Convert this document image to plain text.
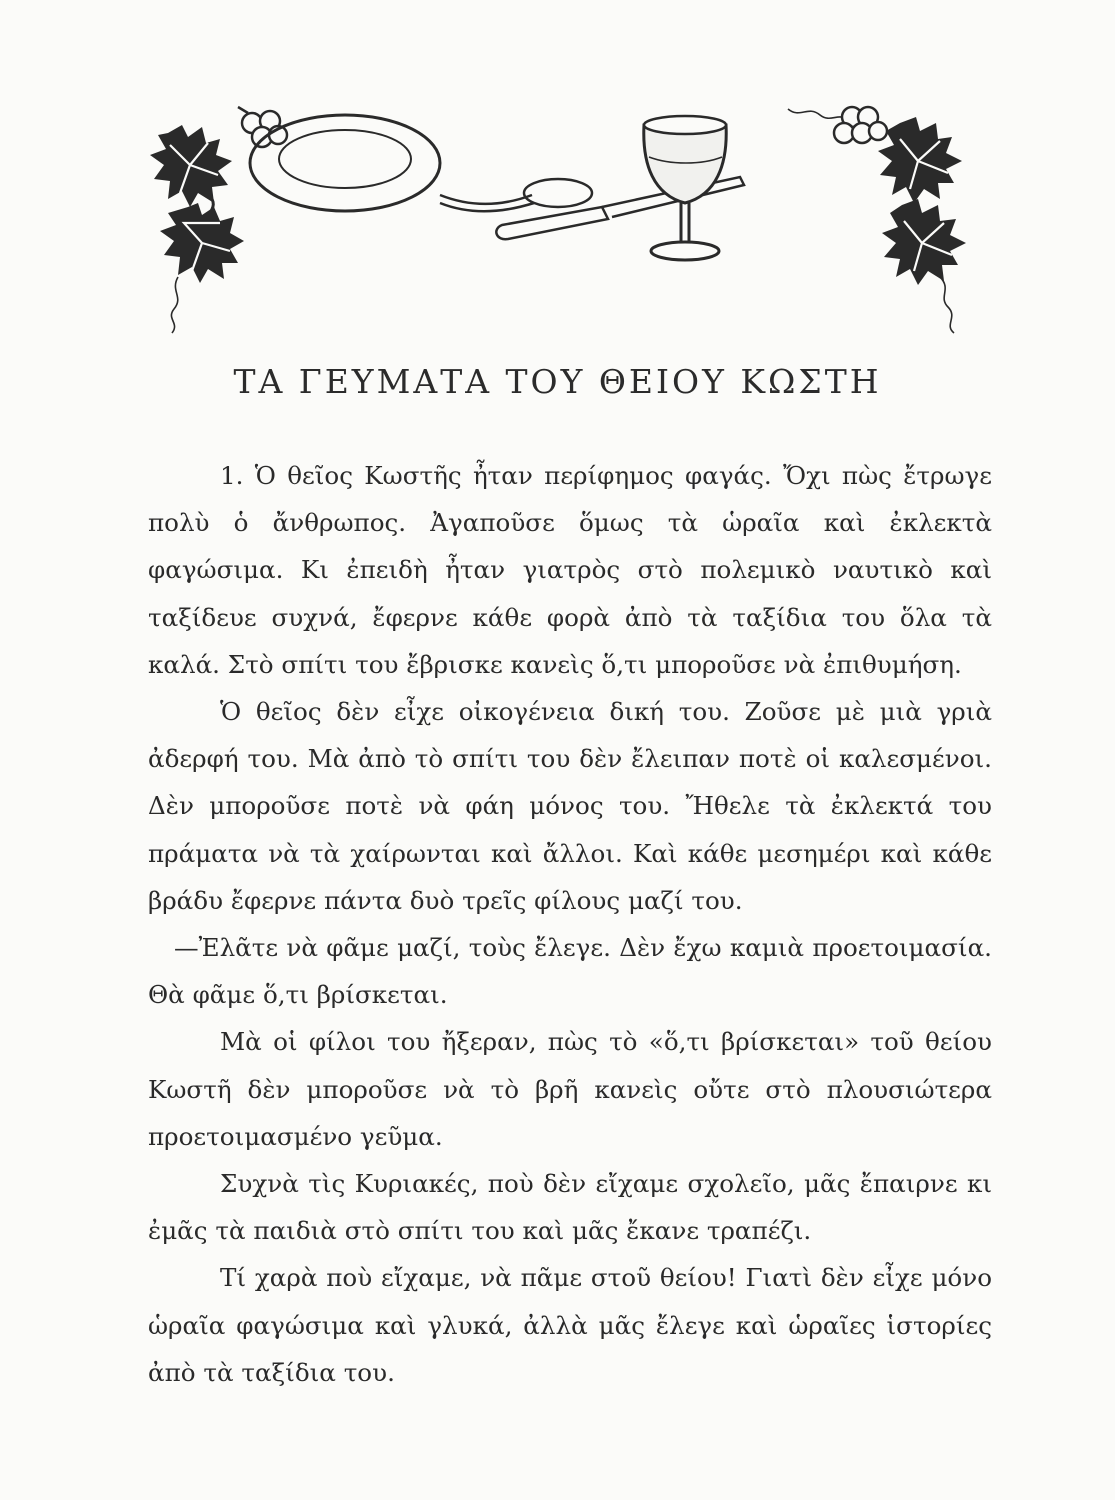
ΤΑ ΓΕΥΜΑΤΑ ΤΟΥ ΘΕΙΟΥ ΚΩΣΤΗ

1. Ὁ θεῖος Κωστῆς ἦταν περίφημος φαγάς. Ὄχι πὼς ἔτρωγε πολὺ ὁ ἄνθρωπος. Ἀγαποῦσε ὅμως τὰ ὡραῖα καὶ ἐκλεκτὰ φαγώσιμα. Κι ἐπειδὴ ἦταν γιατρὸς στὸ πολεμικὸ ναυτικὸ καὶ ταξίδευε συχνά, ἔφερνε κάθε φορὰ ἀπὸ τὰ ταξίδια του ὅλα τὰ καλά. Στὸ σπίτι του ἔβρισκε κανεὶς ὅ,τι μποροῦσε νὰ ἐπιθυμήση.

Ὁ θεῖος δὲν εἶχε οἰκογένεια δική του. Ζοῦσε μὲ μιὰ γριὰ ἀδερφή του. Μὰ ἀπὸ τὸ σπίτι του δὲν ἔλειπαν ποτὲ οἱ καλεσμένοι. Δὲν μποροῦσε ποτὲ νὰ φάη μόνος του. Ἤθελε τὰ ἐκλεκτά του πράματα νὰ τὰ χαίρωνται καὶ ἄλλοι. Καὶ κάθε μεσημέρι καὶ κάθε βράδυ ἔφερνε πάντα δυὸ τρεῖς φίλους μαζί του.

—Ἐλᾶτε νὰ φᾶμε μαζί, τοὺς ἔλεγε. Δὲν ἔχω καμιὰ προετοιμασία. Θὰ φᾶμε ὅ,τι βρίσκεται.

Μὰ οἱ φίλοι του ἤξεραν, πὼς τὸ «ὅ,τι βρίσκεται» τοῦ θείου Κωστῆ δὲν μποροῦσε νὰ τὸ βρῆ κανεὶς οὔτε στὸ πλουσιώτερα προετοιμασμένο γεῦμα.

Συχνὰ τὶς Κυριακές, ποὺ δὲν εἴχαμε σχολεῖο, μᾶς ἔπαιρνε κι ἐμᾶς τὰ παιδιὰ στὸ σπίτι του καὶ μᾶς ἔκανε τραπέζι.

Τί χαρὰ ποὺ εἴχαμε, νὰ πᾶμε στοῦ θείου! Γιατὶ δὲν εἶχε μόνο ὡραῖα φαγώσιμα καὶ γλυκά, ἀλλὰ μᾶς ἔλεγε καὶ ὡραῖες ἱστορίες ἀπὸ τὰ ταξίδια του.
